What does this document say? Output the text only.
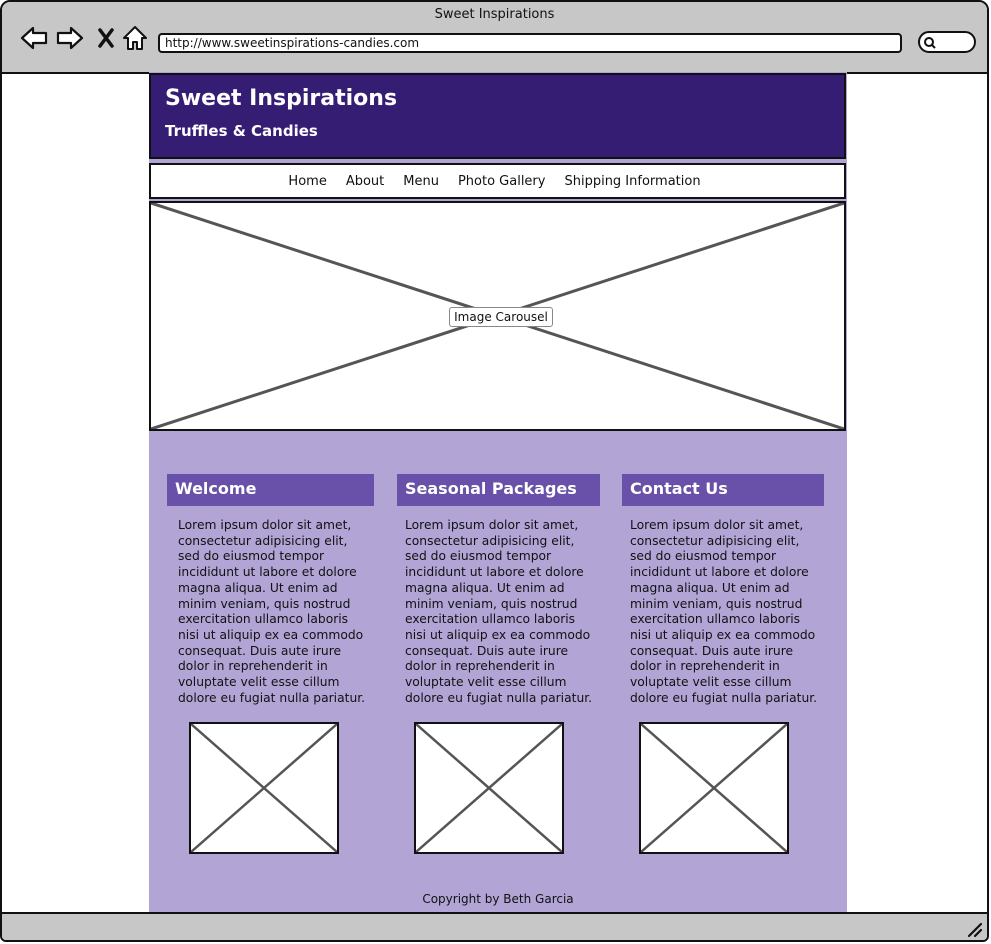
Sweet Inspirations
http://www.sweetinspirations-candies.com
Sweet Inspirations
Truffles & Candies
Home About Menu Photo Gallery Shipping Information
Image Carousel
Welcome	Seasonal Packages	Contact Us
Lorem ipsum dolor sit amet, consectetur adipisicing elit, sed do eiusmod tempor incididunt ut labore et dolore magna aliqua. Ut enim ad minim veniam, quis nostrud exercitation ullamco laboris nisi ut aliquip ex ea commodo consequat. Duis aute irure dolor in reprehenderit in voluptate velit esse cillum dolore eu fugiat nulla pariatur.
Lorem ipsum dolor sit amet, consectetur adipisicing elit, sed do eiusmod tempor incididunt ut labore et dolore magna aliqua. Ut enim ad minim veniam, quis nostrud exercitation ullamco laboris nisi ut aliquip ex ea commodo consequat. Duis aute irure dolor in reprehenderit in voluptate velit esse cillum dolore eu fugiat nulla pariatur.
Lorem ipsum dolor sit amet, consectetur adipisicing elit, sed do eiusmod tempor incididunt ut labore et dolore magna aliqua. Ut enim ad minim veniam, quis nostrud exercitation ullamco laboris nisi ut aliquip ex ea commodo consequat. Duis aute irure dolor in reprehenderit in voluptate velit esse cillum dolore eu fugiat nulla pariatur.
Copyright by Beth Garcia
